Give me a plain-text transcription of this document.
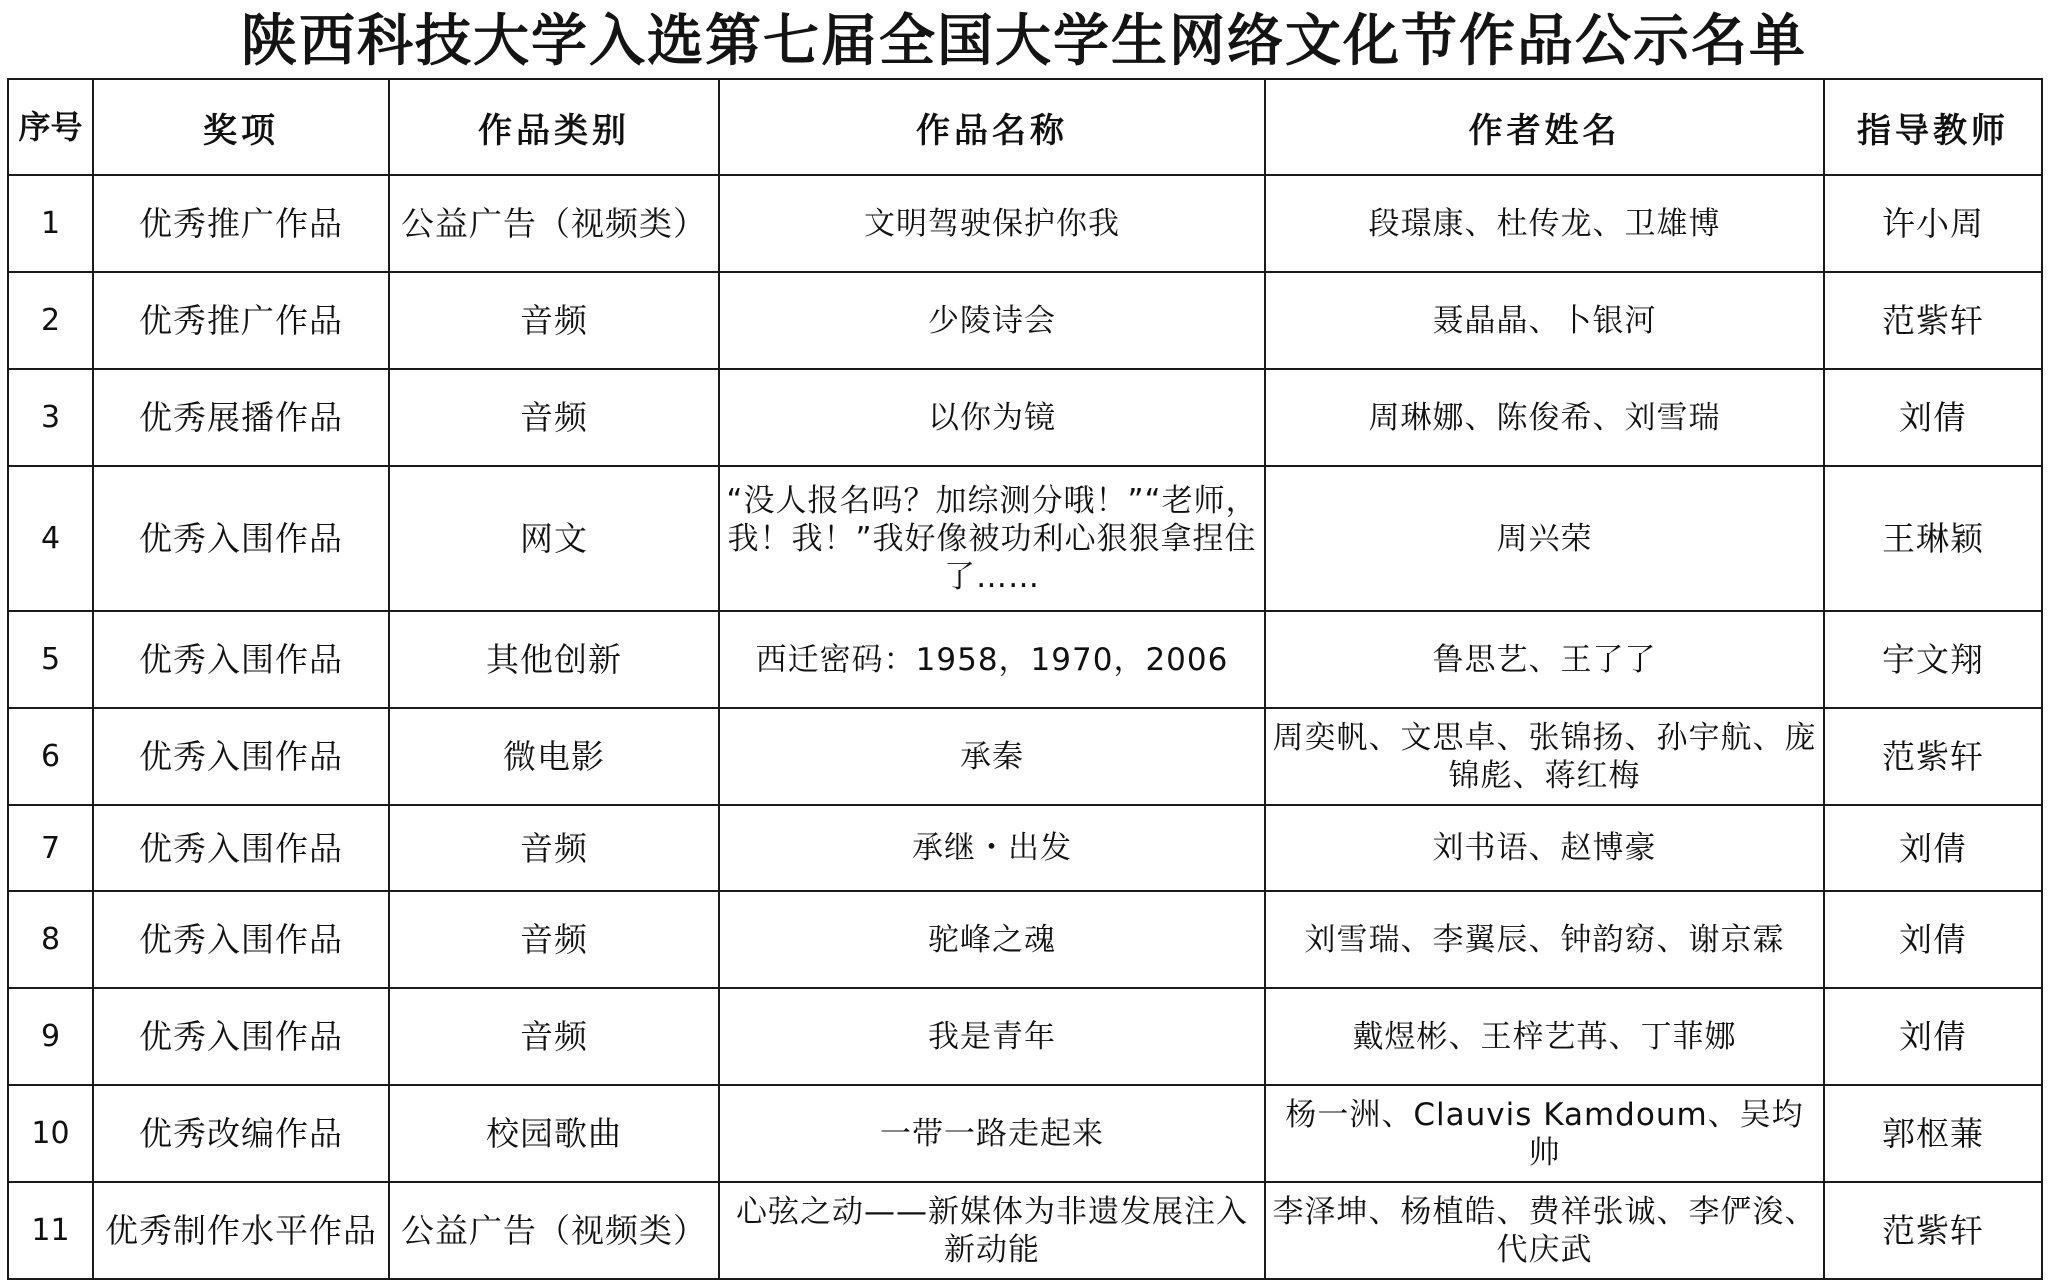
陕西科技大学入选第七届全国大学生网络文化节作品公示名单
序号	奖项	作品类别	作品名称	作者姓名	指导教师
1	优秀推广作品	公益广告（视频类）	文明驾驶保护你我	段璟康、杜传龙、卫雄博	许小周
2	优秀推广作品	音频	少陵诗会	聂晶晶、卜银河	范紫轩
3	优秀展播作品	音频	以你为镜	周琳娜、陈俊希、刘雪瑞	刘倩
4	优秀入围作品	网文	“没人报名吗？加综测分哦！”“老师，我！我！”我好像被功利心狠狠拿捏住了……	周兴荣	王琳颖
5	优秀入围作品	其他创新	西迁密码：1958，1970，2006	鲁思艺、王了了	宇文翔
6	优秀入围作品	微电影	承秦	周奕帆、文思卓、张锦扬、孙宇航、庞锦彪、蒋红梅	范紫轩
7	优秀入围作品	音频	承继・出发	刘书语、赵博豪	刘倩
8	优秀入围作品	音频	驼峰之魂	刘雪瑞、李翼辰、钟韵窈、谢京霖	刘倩
9	优秀入围作品	音频	我是青年	戴煜彬、王梓艺苒、丁菲娜	刘倩
10	优秀改编作品	校园歌曲	一带一路走起来	杨一洲、Clauvis Kamdoum、吴均帅	郭枢蒹
11	优秀制作水平作品	公益广告（视频类）	心弦之动——新媒体为非遗发展注入新动能	李泽坤、杨植皓、费祥张诚、李俨浚、代庆武	范紫轩
